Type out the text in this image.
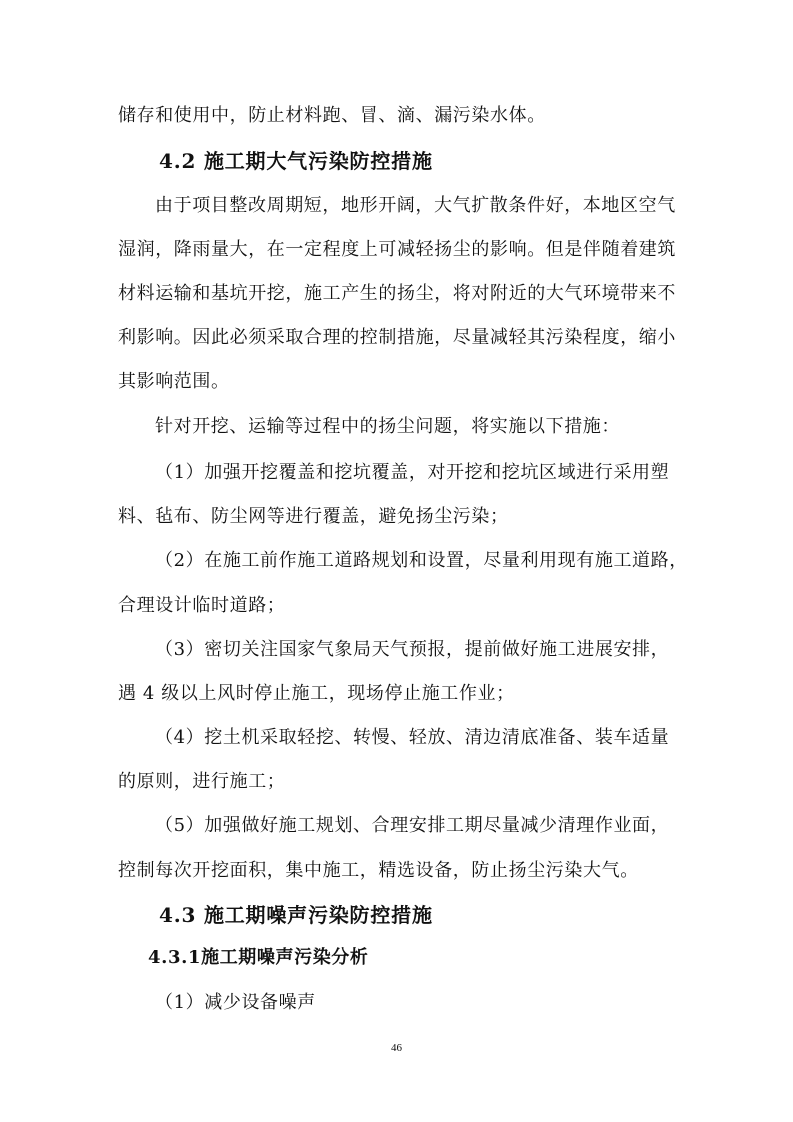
储存和使用中，防止材料跑、冒、滴、漏污染水体。
4.2 施工期大气污染防控措施
由于项目整改周期短，地形开阔，大气扩散条件好，本地区空气
湿润，降雨量大，在一定程度上可减轻扬尘的影响。但是伴随着建筑
材料运输和基坑开挖，施工产生的扬尘，将对附近的大气环境带来不
利影响。因此必须采取合理的控制措施，尽量减轻其污染程度，缩小
其影响范围。
针对开挖、运输等过程中的扬尘问题，将实施以下措施：
（1）加强开挖覆盖和挖坑覆盖，对开挖和挖坑区域进行采用塑
料、毡布、防尘网等进行覆盖，避免扬尘污染；
（2）在施工前作施工道路规划和设置，尽量利用现有施工道路，
合理设计临时道路；
（3）密切关注国家气象局天气预报，提前做好施工进展安排，
遇 4 级以上风时停止施工，现场停止施工作业；
（4）挖土机采取轻挖、转慢、轻放、清边清底准备、装车适量
的原则，进行施工；
（5）加强做好施工规划、合理安排工期尽量减少清理作业面，
控制每次开挖面积，集中施工，精选设备，防止扬尘污染大气。
4.3 施工期噪声污染防控措施
4.3.1施工期噪声污染分析
（1）减少设备噪声
46
